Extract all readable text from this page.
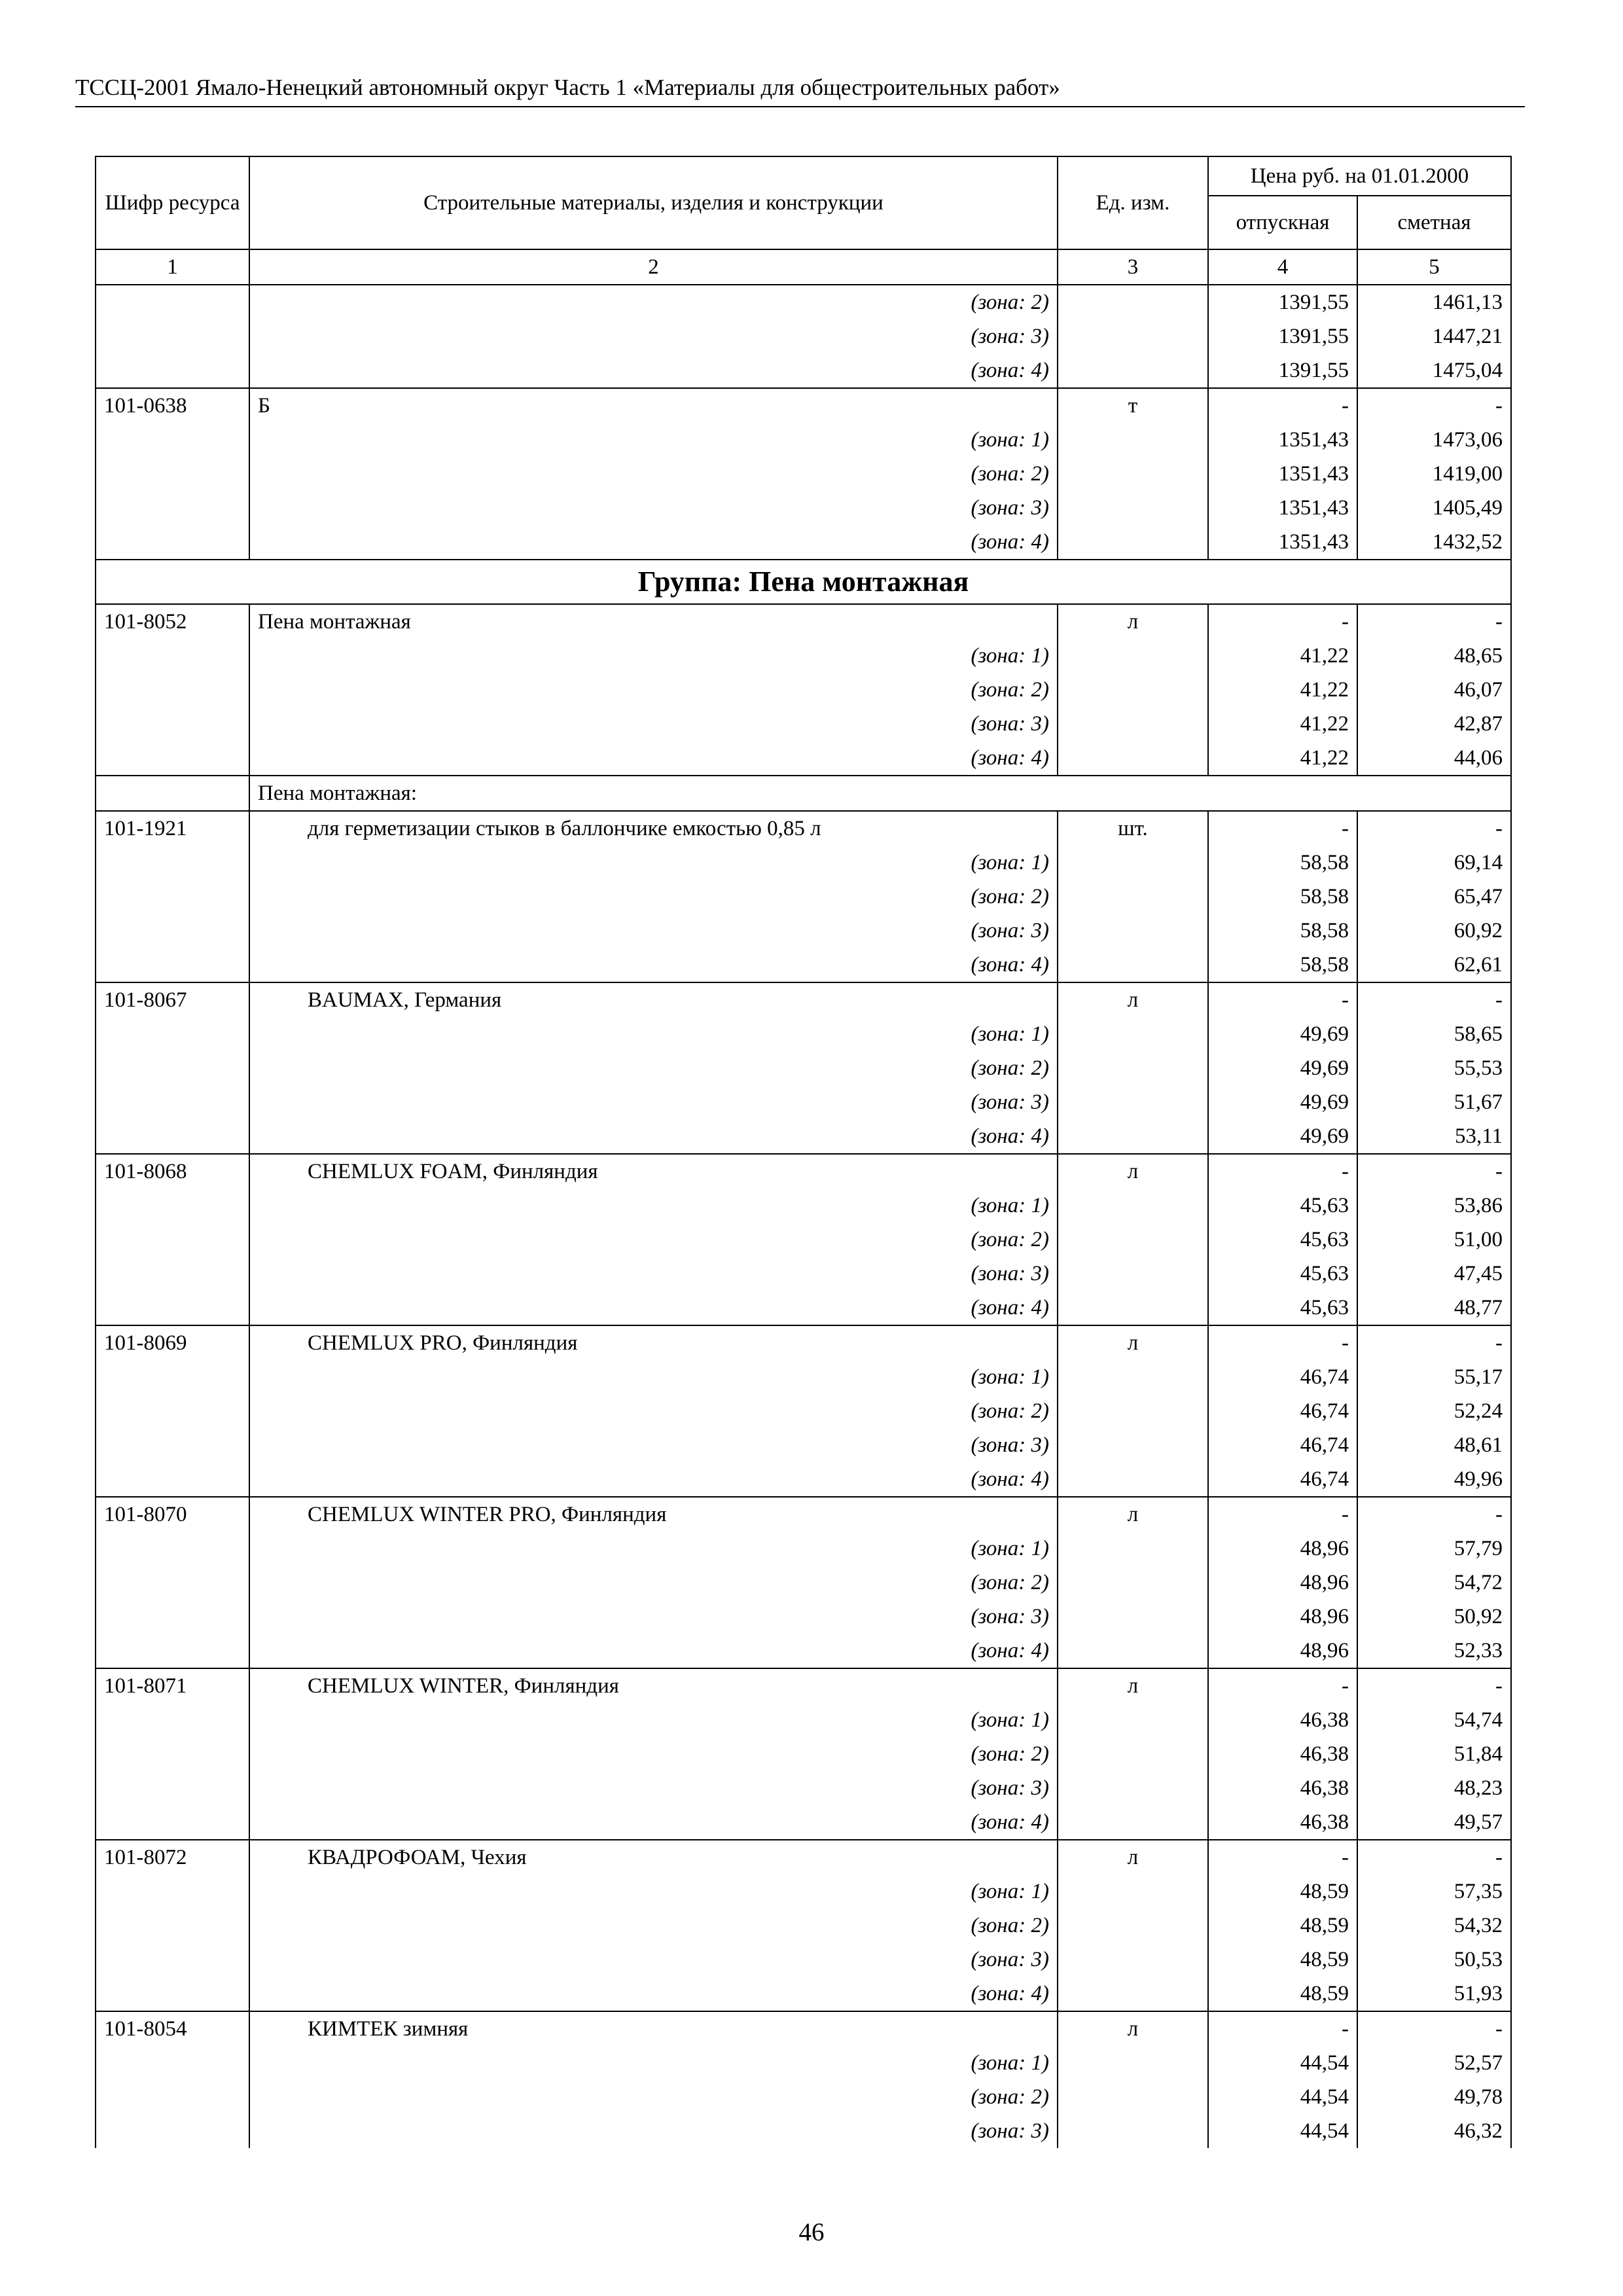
ТССЦ-2001 Ямало-Ненецкий автономный округ Часть 1 «Материалы для общестроительных работ»
Шифр ресурса	Строительные материалы, изделия и конструкции	Ед. изм.	Цена руб. на 01.01.2000	
			отпускная	сметная
1	2	3	4	5
	(зона: 2)		1391,55	1461,13
	(зона: 3)		1391,55	1447,21
	(зона: 4)		1391,55	1475,04
101-0638	Б	т	-	-
	(зона: 1)		1351,43	1473,06
	(зона: 2)		1351,43	1419,00
	(зона: 3)		1351,43	1405,49
	(зона: 4)		1351,43	1432,52
Группа: Пена монтажная				
101-8052	Пена монтажная	л	-	-
	(зона: 1)		41,22	48,65
	(зона: 2)		41,22	46,07
	(зона: 3)		41,22	42,87
	(зона: 4)		41,22	44,06
	Пена монтажная:			
101-1921	для герметизации стыков в баллончике емкостью 0,85 л	шт.	-	-
	(зона: 1)		58,58	69,14
	(зона: 2)		58,58	65,47
	(зона: 3)		58,58	60,92
	(зона: 4)		58,58	62,61
101-8067	BAUMAX, Германия	л	-	-
	(зона: 1)		49,69	58,65
	(зона: 2)		49,69	55,53
	(зона: 3)		49,69	51,67
	(зона: 4)		49,69	53,11
101-8068	CHEMLUX FOAM, Финляндия	л	-	-
	(зона: 1)		45,63	53,86
	(зона: 2)		45,63	51,00
	(зона: 3)		45,63	47,45
	(зона: 4)		45,63	48,77
101-8069	CHEMLUX PRO, Финляндия	л	-	-
	(зона: 1)		46,74	55,17
	(зона: 2)		46,74	52,24
	(зона: 3)		46,74	48,61
	(зона: 4)		46,74	49,96
101-8070	CHEMLUX WINTER PRO, Финляндия	л	-	-
	(зона: 1)		48,96	57,79
	(зона: 2)		48,96	54,72
	(зона: 3)		48,96	50,92
	(зона: 4)		48,96	52,33
101-8071	CHEMLUX WINTER, Финляндия	л	-	-
	(зона: 1)		46,38	54,74
	(зона: 2)		46,38	51,84
	(зона: 3)		46,38	48,23
	(зона: 4)		46,38	49,57
101-8072	КВАДРОФОАМ, Чехия	л	-	-
	(зона: 1)		48,59	57,35
	(зона: 2)		48,59	54,32
	(зона: 3)		48,59	50,53
	(зона: 4)		48,59	51,93
101-8054	КИМТЕК зимняя	л	-	-
	(зона: 1)		44,54	52,57
	(зона: 2)		44,54	49,78
	(зона: 3)		44,54	46,32
46
